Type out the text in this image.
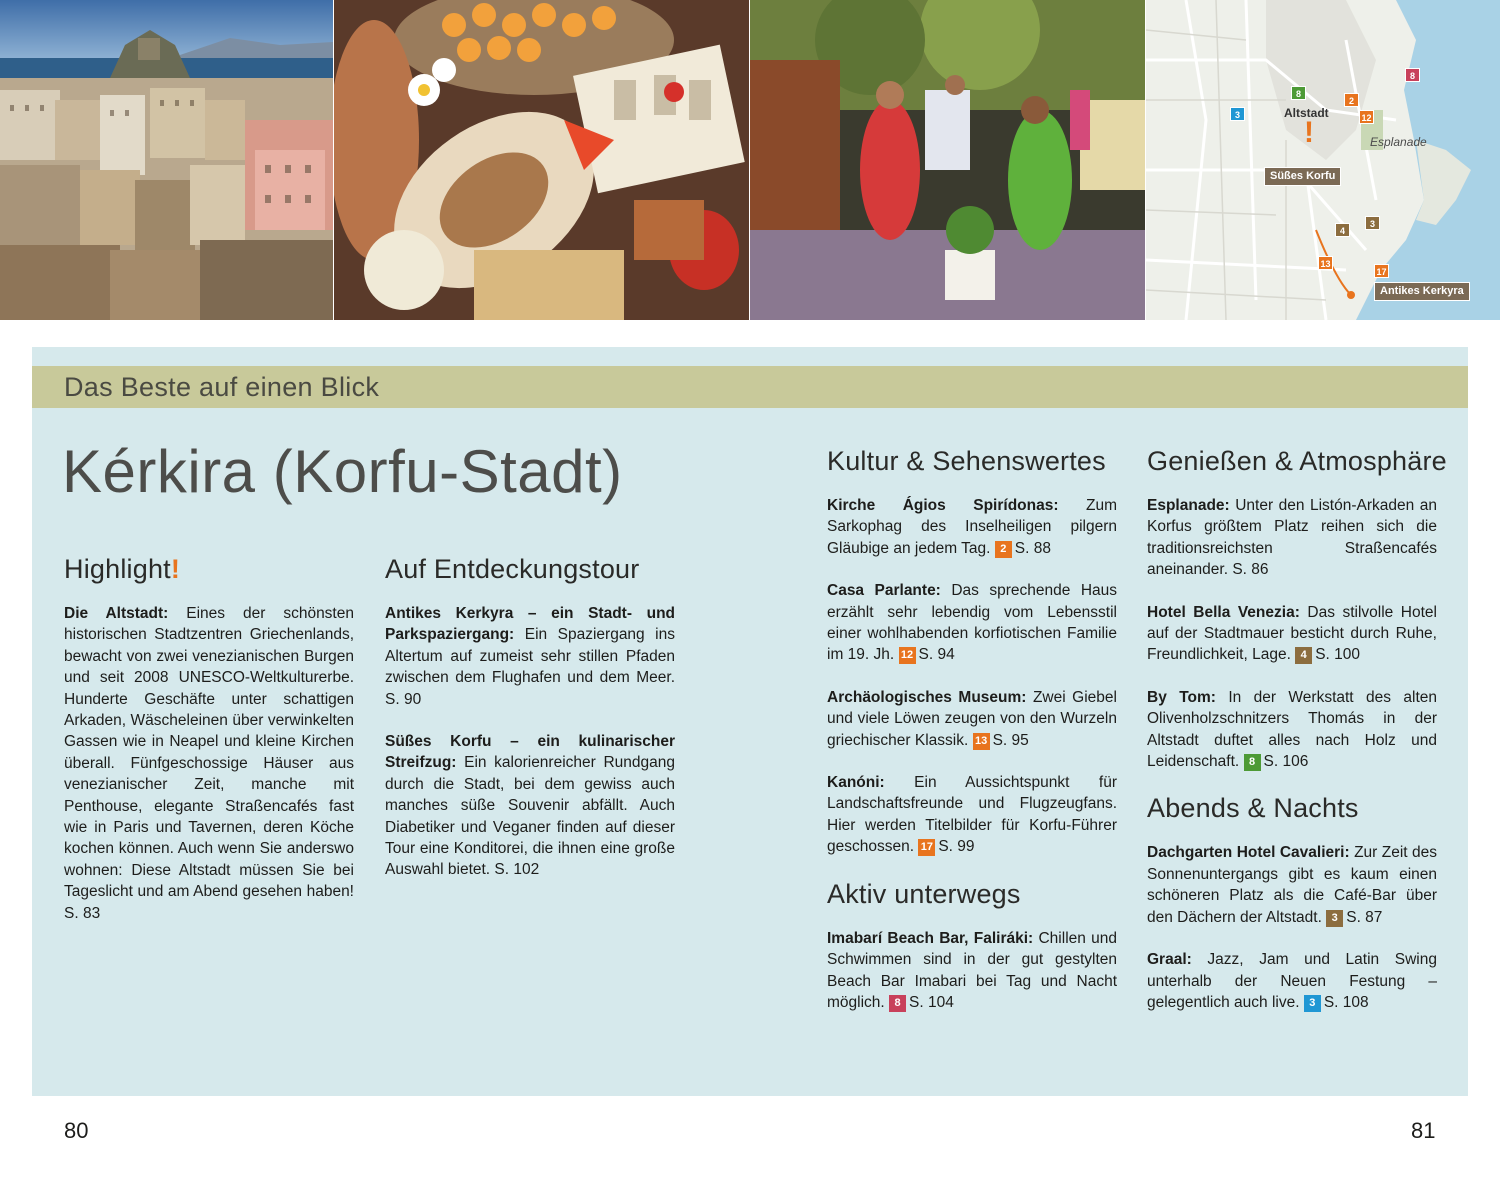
8
8
3
2
12
3
4
13
17
Altstadt
!	Esplanade
Süßes Korfu
Antikes Kerkyra
Das Beste auf einen Blick
Kérkira (Korfu-Stadt)
Highlight!

Die Altstadt: Eines der schönsten historischen Stadtzentren Griechenlands, bewacht von zwei venezianischen Burgen und seit 2008 UNESCO-Weltkulturerbe. Hunderte Geschäfte unter schattigen Arkaden, Wäscheleinen über verwinkelten Gassen wie in Neapel und kleine Kirchen überall. Fünfgeschossige Häuser aus venezianischer Zeit, manche mit Penthouse, elegante Straßencafés fast wie in Paris und Tavernen, deren Köche kochen können. Auch wenn Sie anderswo wohnen: Diese Altstadt müssen Sie bei Tageslicht und am Abend gesehen haben! S. 83

Auf Entdeckungstour

Antikes Kerkyra – ein Stadt- und Parkspaziergang: Ein Spaziergang ins Altertum auf zumeist sehr stillen Pfaden zwischen dem Flughafen und dem Meer. S. 90

Süßes Korfu – ein kulinarischer Streifzug: Ein kalorienreicher Rundgang durch die Stadt, bei dem gewiss auch manches süße Souvenir abfällt. Auch Diabetiker und Veganer finden auf dieser Tour eine Konditorei, die ihnen eine große Auswahl bietet. S. 102

Kultur & Sehenswertes

Kirche Ágios Spirídonas: Zum Sarkophag des Inselheiligen pilgern Gläubige an jedem Tag. 2 S. 88

Casa Parlante: Das sprechende Haus erzählt sehr lebendig vom Lebensstil einer wohlhabenden korfiotischen Familie im 19. Jh. 12 S. 94

Archäologisches Museum: Zwei Giebel und viele Löwen zeugen von den Wurzeln griechischer Klassik. 13 S. 95

Kanóni: Ein Aussichtspunkt für Landschaftsfreunde und Flugzeugfans. Hier werden Titelbilder für Korfu-Führer geschossen. 17 S. 99

Aktiv unterwegs

Imabarí Beach Bar, Faliráki: Chillen und Schwimmen sind in der gut gestylten Beach Bar Imabari bei Tag und Nacht möglich. 8 S. 104

Genießen & Atmosphäre

Esplanade: Unter den Listón-Arkaden an Korfus größtem Platz reihen sich die traditionsreichsten Straßencafés aneinander. S. 86

Hotel Bella Venezia: Das stilvolle Hotel auf der Stadtmauer besticht durch Ruhe, Freundlichkeit, Lage. 4 S. 100

By Tom: In der Werkstatt des alten Olivenholzschnitzers Thomás in der Altstadt duftet alles nach Holz und Leidenschaft. 8 S. 106

Abends & Nachts

Dachgarten Hotel Cavalieri: Zur Zeit des Sonnenuntergangs gibt es kaum einen schöneren Platz als die Café-Bar über den Dächern der Altstadt. 3 S. 87

Graal: Jazz, Jam und Latin Swing unterhalb der Neuen Festung – gelegentlich auch live. 3 S. 108

80	81
